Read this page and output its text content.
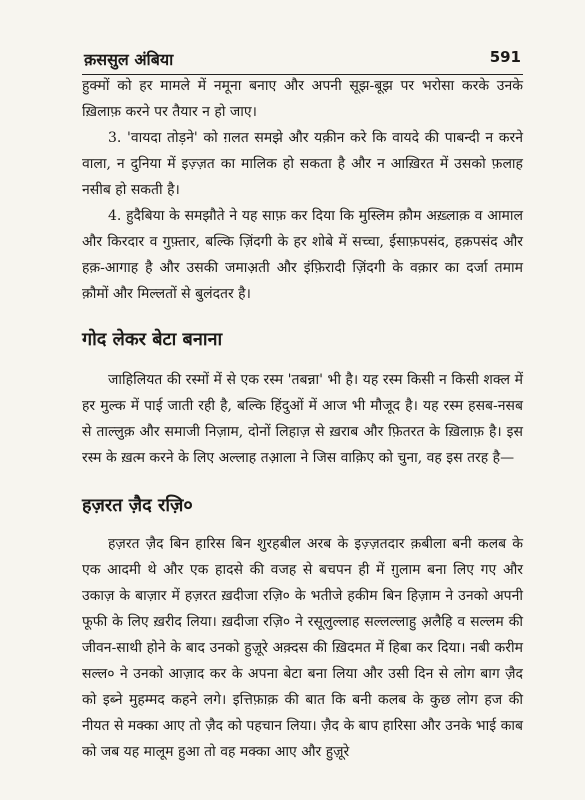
क़ससुल अंबिया	591

हुक्मों को हर मामले में नमूना बनाए और अपनी सूझ-बूझ पर भरोसा करके उनके ख़िलाफ़ करने पर तैयार न हो जाए।

3. 'वायदा तोड़ने' को ग़लत समझे और यक़ीन करे कि वायदे की पाबन्दी न करने वाला, न दुनिया में इज़्ज़त का मालिक हो सकता है और न आख़िरत में उसको फ़लाह नसीब हो सकती है।

4. हुदैबिया के समझौते ने यह साफ़ कर दिया कि मुस्लिम क़ौम अख़्लाक़ व आमाल और किरदार व गुफ़्तार, बल्कि ज़िंदगी के हर शोबे में सच्चा, ईसाफ़पसंद, हक़पसंद और हक़-आगाह है और उसकी जमाअ़ती और इंफ़िरादी ज़िंदगी के वक़ार का दर्जा तमाम क़ौमों और मिल्लतों से बुलंदतर है।

गोद लेकर बेटा बनाना

जाहिलियत की रस्मों में से एक रस्म 'तबन्ना' भी है। यह रस्म किसी न किसी शक्ल में हर मुल्क में पाई जाती रही है, बल्कि हिंदुओं में आज भी मौजूद है। यह रस्म हसब-नसब से ताल्लुक़ और समाजी निज़ाम, दोनों लिहाज़ से ख़राब और फ़ितरत के ख़िलाफ़ है। इस रस्म के ख़त्म करने के लिए अल्लाह तआ़ला ने जिस वाक़िए को चुना, वह इस तरह है—

हज़रत ज़ैद रज़ि०

हज़रत ज़ैद बिन हारिस बिन शुरहबील अरब के इज़्ज़तदार क़बीला बनी कलब के एक आदमी थे और एक हादसे की वजह से बचपन ही में ग़ुलाम बना लिए गए और उकाज़ के बाज़ार में हज़रत ख़दीजा रज़ि० के भतीजे हकीम बिन हिज़ाम ने उनको अपनी फूफी के लिए ख़रीद लिया। ख़दीजा रज़ि० ने रसूलुल्लाह सल्लल्लाहु अ़लैहि व सल्लम की जीवन-साथी होने के बाद उनको हुज़ूरे अक़्दस की ख़िदमत में हिबा कर दिया। नबी करीम सल्ल० ने उनको आज़ाद कर के अपना बेटा बना लिया और उसी दिन से लोग बाग ज़ैद को इब्ने मुहम्मद कहने लगे। इत्तिफ़ाक़ की बात कि बनी कलब के कुछ लोग हज की नीयत से मक्का आए तो ज़ैद को पहचान लिया। ज़ैद के बाप हारिसा और उनके भाई काब को जब यह मालूम हुआ तो वह मक्का आए और हुज़ूरे
